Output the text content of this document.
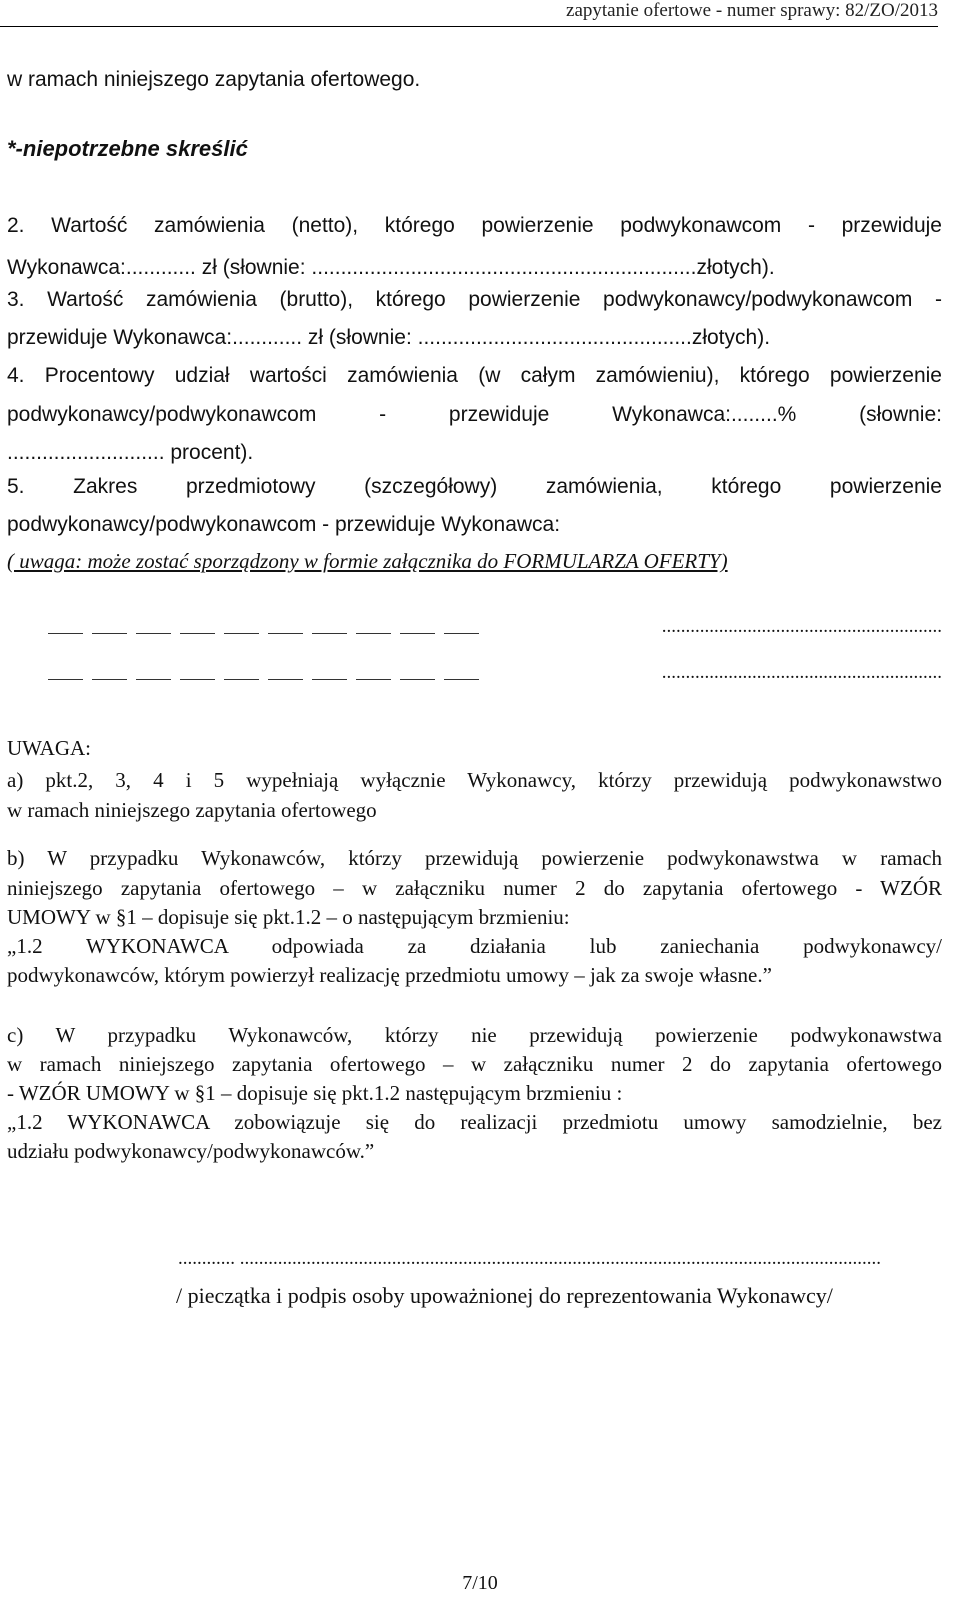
zapytanie ofertowe - numer sprawy: 82/ZO/2013
w ramach niniejszego zapytania ofertowego.
*-niepotrzebne skreślić
2. Wartość zamówienia (netto), którego powierzenie podwykonawcom - przewiduje
Wykonawca:............ zł (słownie: ..................................................................złotych).
3. Wartość zamówienia (brutto), którego powierzenie podwykonawcy/podwykonawcom -
przewiduje Wykonawca:............ zł (słownie: ...............................................złotych).
4. Procentowy udział wartości zamówienia (w całym zamówieniu), którego powierzenie
podwykonawcy/podwykonawcom - przewiduje Wykonawca:........% (słownie:
........................... procent).
5. Zakres przedmiotowy (szczegółowy) zamówienia, którego powierzenie
podwykonawcy/podwykonawcom - przewiduje Wykonawca:
( uwaga: może zostać sporządzony w formie załącznika do FORMULARZA OFERTY)
...........................................................
...........................................................
UWAGA:
a) pkt.2, 3, 4 i 5 wypełniają wyłącznie Wykonawcy, którzy przewidują podwykonawstwo
w ramach niniejszego zapytania ofertowego
b) W przypadku Wykonawców, którzy przewidują powierzenie podwykonawstwa w ramach
niniejszego zapytania ofertowego – w załączniku numer 2 do zapytania ofertowego - WZÓR
UMOWY w §1 – dopisuje się pkt.1.2 – o następującym brzmieniu:
„1.2 WYKONAWCA odpowiada za działania lub zaniechania podwykonawcy/
podwykonawców, którym powierzył realizację przedmiotu umowy – jak za swoje własne.”
c) W przypadku Wykonawców, którzy nie przewidują powierzenie podwykonawstwa
w ramach niniejszego zapytania ofertowego – w załączniku numer 2 do zapytania ofertowego
- WZÓR UMOWY w §1 – dopisuje się pkt.1.2 następującym brzmieniu :
„1.2 WYKONAWCA zobowiązuje się do realizacji przedmiotu umowy samodzielnie, bez
udziału podwykonawcy/podwykonawców.”
............ .......................................................................................................................................
/ pieczątka i podpis osoby upoważnionej do reprezentowania Wykonawcy/
7/10
